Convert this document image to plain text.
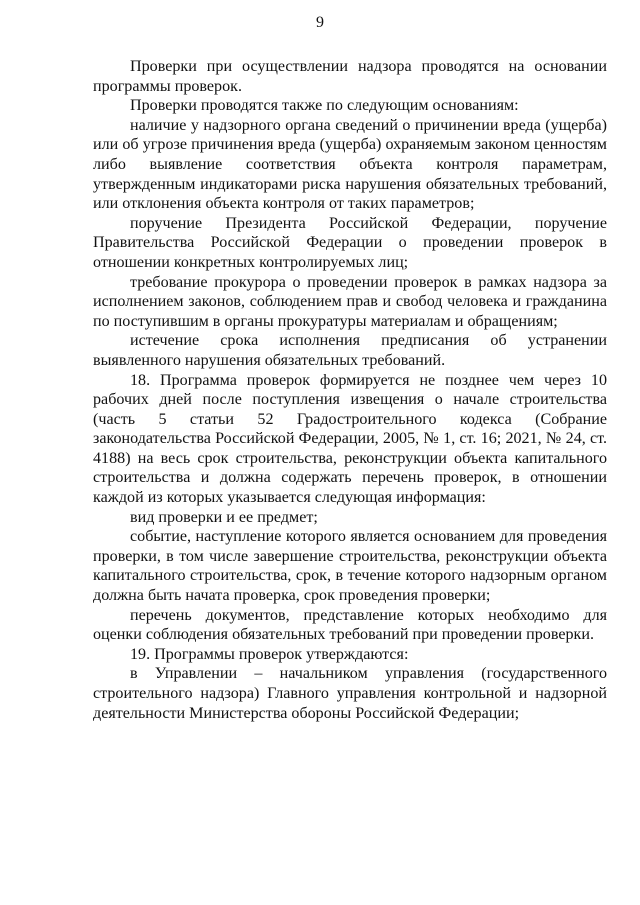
9

Проверки при осуществлении надзора проводятся на основании программы проверок.

Проверки проводятся также по следующим основаниям:

наличие у надзорного органа сведений о причинении вреда (ущерба) или об угрозе причинения вреда (ущерба) охраняемым законом ценностям либо выявление соответствия объекта контроля параметрам, утвержденным индикаторами риска нарушения обязательных требований, или отклонения объекта контроля от таких параметров;

поручение Президента Российской Федерации, поручение Правительства Российской Федерации о проведении проверок в отношении конкретных контролируемых лиц;

требование прокурора о проведении проверок в рамках надзора за исполнением законов, соблюдением прав и свобод человека и гражданина по поступившим в органы прокуратуры материалам и обращениям;

истечение срока исполнения предписания об устранении выявленного нарушения обязательных требований.

18. Программа проверок формируется не позднее чем через 10 рабочих дней после поступления извещения о начале строительства (часть 5 статьи 52 Градостроительного кодекса (Собрание законодательства Российской Федерации, 2005, № 1, ст. 16; 2021, № 24, ст. 4188) на весь срок строительства, реконструкции объекта капитального строительства и должна содержать перечень проверок, в отношении каждой из которых указывается следующая информация:

вид проверки и ее предмет;

событие, наступление которого является основанием для проведения проверки, в том числе завершение строительства, реконструкции объекта капитального строительства, срок, в течение которого надзорным органом должна быть начата проверка, срок проведения проверки;

перечень документов, представление которых необходимо для оценки соблюдения обязательных требований при проведении проверки.

19. Программы проверок утверждаются:

в Управлении – начальником управления (государственного строительного надзора) Главного управления контрольной и надзорной деятельности Министерства обороны Российской Федерации;
